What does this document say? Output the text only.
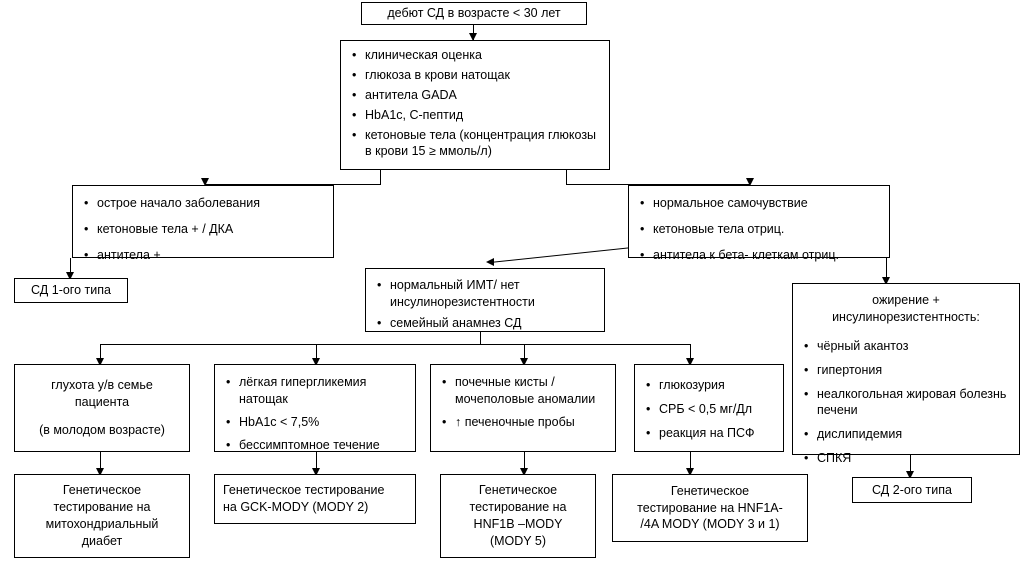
дебют СД в возрасте < 30 лет
• клиническая оценка
• глюкоза в крови натощак
• антитела GADA
• HbA1c, C-пептид
• кетоновые тела (концентрация глюкозы в крови 15 ≥ ммоль/л)
• острое начало заболевания
• кетоновые тела + / ДКА
• антитела +
• нормальное самочувствие
• кетоновые тела отриц.
• антитела к бета- клеткам отриц.
СД 1-ого типа	• нормальный ИМТ/ нет инсулинорезистентности
• семейный анамнез СД
ожирение + инсулинорезистентность:
• чёрный акантоз
• гипертония
• неалкогольная жировая болезнь печени
• дислипидемия
• СПКЯ
глухота у/в семье
пациента
(в молодом возрасте)
• лёгкая гипергликемия натощак
• HbA1c < 7,5%
• бессимптомное течение
• почечные кисты / мочеполовые аномалии
• ↑ печеночные пробы
• глюкозурия
• СРБ < 0,5 мг/Дл
• реакция на ПСФ
Генетическое
тестирование на
митохондриальный
диабет
Генетическое тестирование
на GCK-MODY (MODY 2)
Генетическое
тестирование на
HNF1B –MODY
(MODY 5)
Генетическое
тестирование на HNF1A-
/4A MODY (MODY 3 и 1)
СД 2-ого типа
